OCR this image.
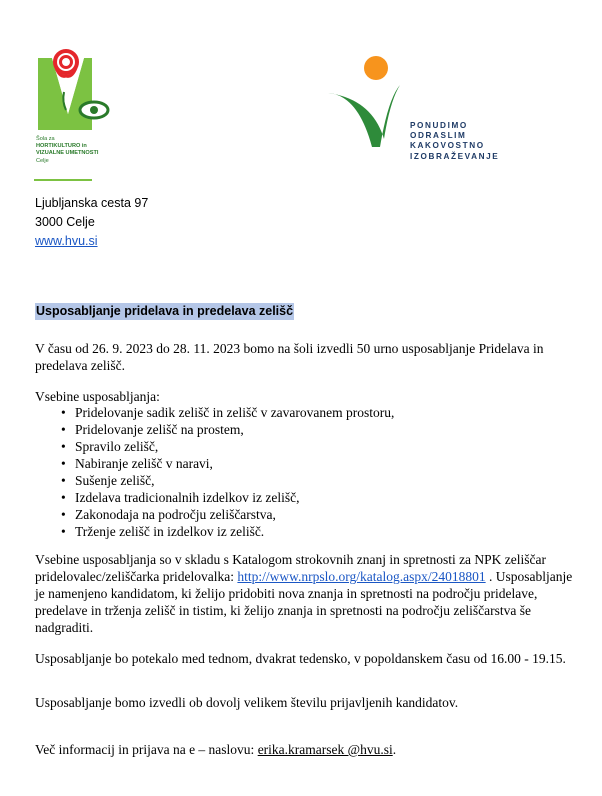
Šola za
HORTIKULTURO in
VIZUALNE UMETNOSTI
Celje
PONUDIMO
ODRASLIM
KAKOVOSTNO
IZOBRAŽEVANJE
Ljubljanska cesta 97
3000 Celje
www.hvu.si
Usposabljanje pridelava in predelava zelišč
V času od 26. 9. 2023 do 28. 11. 2023 bomo na šoli izvedli 50 urno usposabljanje Pridelava in predelava zelišč.
Vsebine usposabljanja:
• Pridelovanje sadik zelišč in zelišč v zavarovanem prostoru,
• Pridelovanje zelišč na prostem,
• Spravilo zelišč,
• Nabiranje zelišč v naravi,
• Sušenje zelišč,
• Izdelava tradicionalnih izdelkov iz zelišč,
• Zakonodaja na področju zeliščarstva,
• Trženje zelišč in izdelkov iz zelišč.
Vsebine usposabljanja so v skladu s Katalogom strokovnih znanj in spretnosti za NPK zeliščar pridelovalec/zeliščarka pridelovalka: http://www.nrpslo.org/katalog.aspx/24018801 . Usposabljanje je namenjeno kandidatom, ki želijo pridobiti nova znanja in spretnosti na področju pridelave, predelave in trženja zelišč in tistim, ki želijo znanja in spretnosti na področju zeliščarstva še nadgraditi.
Usposabljanje bo potekalo med tednom, dvakrat tedensko, v popoldanskem času od 16.00 - 19.15.
Usposabljanje bomo izvedli ob dovolj velikem številu prijavljenih kandidatov.
Več informacij in prijava na e – naslovu: erika.kramarsek @hvu.si.
